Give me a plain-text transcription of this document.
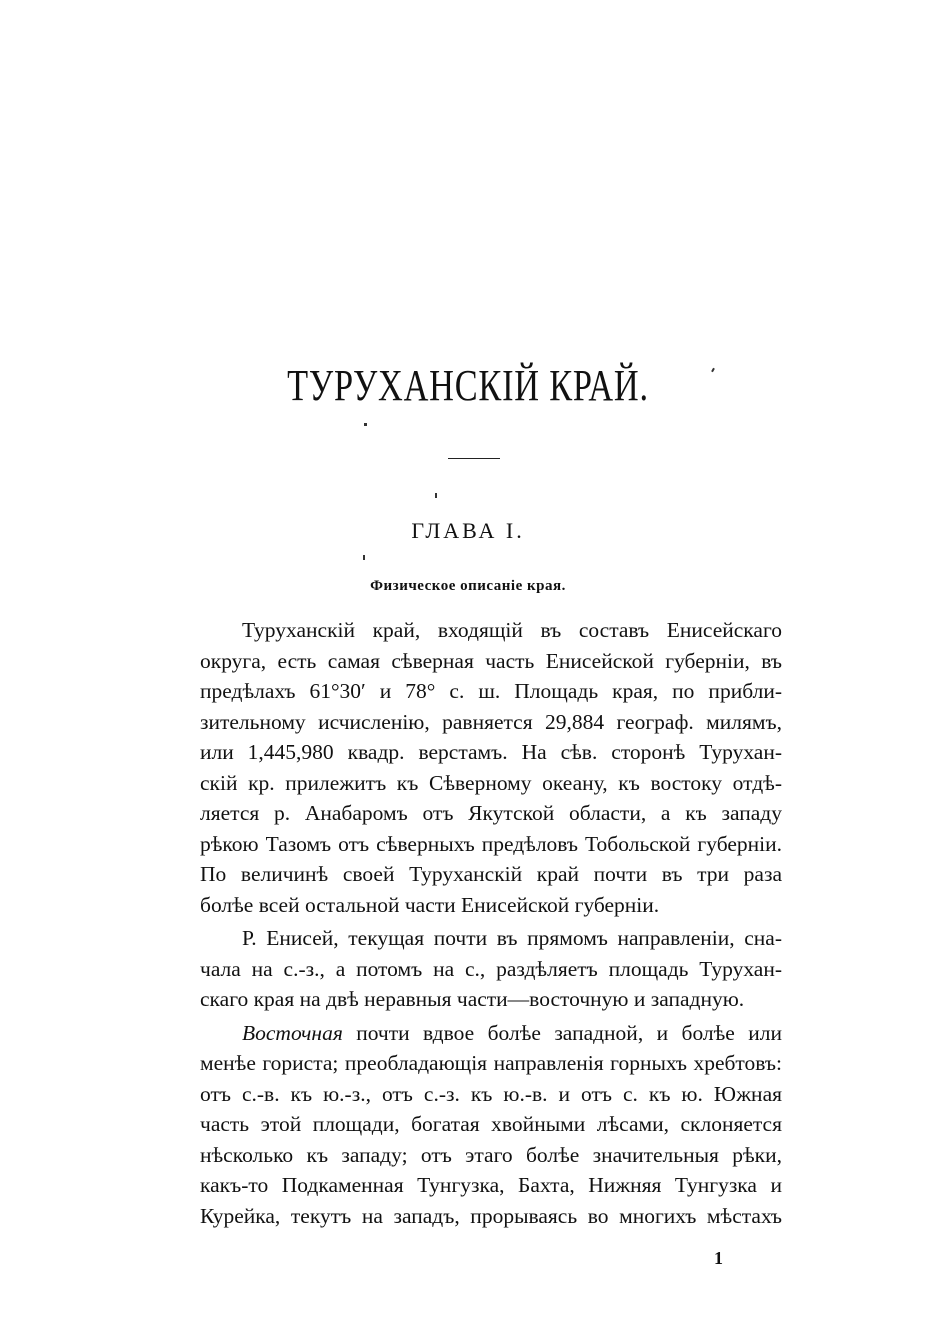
ТУРУХАНСКІЙ КРАЙ.
ГЛАВА I.
Физическое описаніе края.
Туруханскій край, входящій въ составъ Енисейскаго
округа, есть самая сѣверная часть Енисейской губерніи, въ
предѣлахъ 61°30′ и 78° с. ш. Площадь края, по прибли-
зительному исчисленію, равняется 29,884 географ. милямъ,
или 1,445,980 квадр. верстамъ. На сѣв. сторонѣ Турухан-
скій кр. прилежитъ къ Сѣверному океану, къ востоку отдѣ-
ляется р. Анабаромъ отъ Якутской области, а къ западу
рѣкою Тазомъ отъ сѣверныхъ предѣловъ Тобольской губерніи.
По величинѣ своей Туруханскій край почти въ три раза
болѣе всей остальной части Енисейской губерніи.
Р. Енисей, текущая почти въ прямомъ направленіи, сна-
чала на с.-з., а потомъ на с., раздѣляетъ площадь Турухан-
скаго края на двѣ неравныя части—восточную и западную.
Восточная почти вдвое болѣе западной, и болѣе или
менѣе гориста; преобладающія направленія горныхъ хребтовъ:
отъ с.-в. къ ю.-з., отъ с.-з. къ ю.-в. и отъ с. къ ю. Южная
часть этой площади, богатая хвойными лѣсами, склоняется
нѣсколько къ западу; отъ этаго болѣе значительныя рѣки,
какъ-то Подкаменная Тунгузка, Бахта, Нижняя Тунгузка и
Курейка, текутъ на западъ, прорываясь во многихъ мѣстахъ
1
